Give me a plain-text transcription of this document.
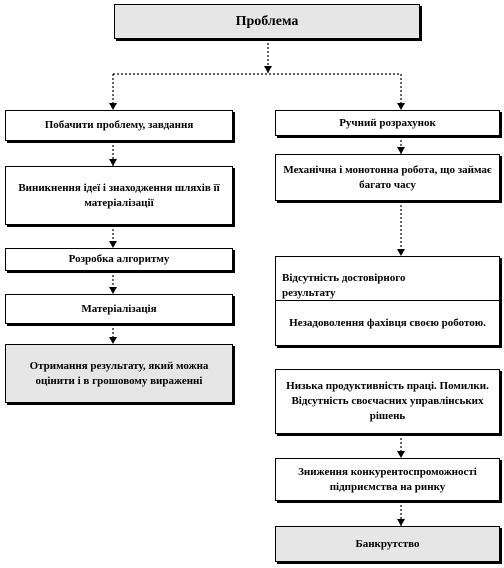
Проблема
Побачити проблему, завдання
Виникнення ідеї і знаходження шляхів її матеріалізації
Розробка алгоритму
Матеріалізація
Отримання результату, який можна оцінити і в грошовому вираженні
Ручний розрахунок
Механічна і монотонна робота, що займає багато часу
Відсутність достовірного результату
Незадоволення фахівця своєю роботою.
Низька продуктивність праці. Помилки. Відсутність своєчасних управлінських рішень
Зниження конкурентоспроможності підприємства на ринку
Банкрутство
